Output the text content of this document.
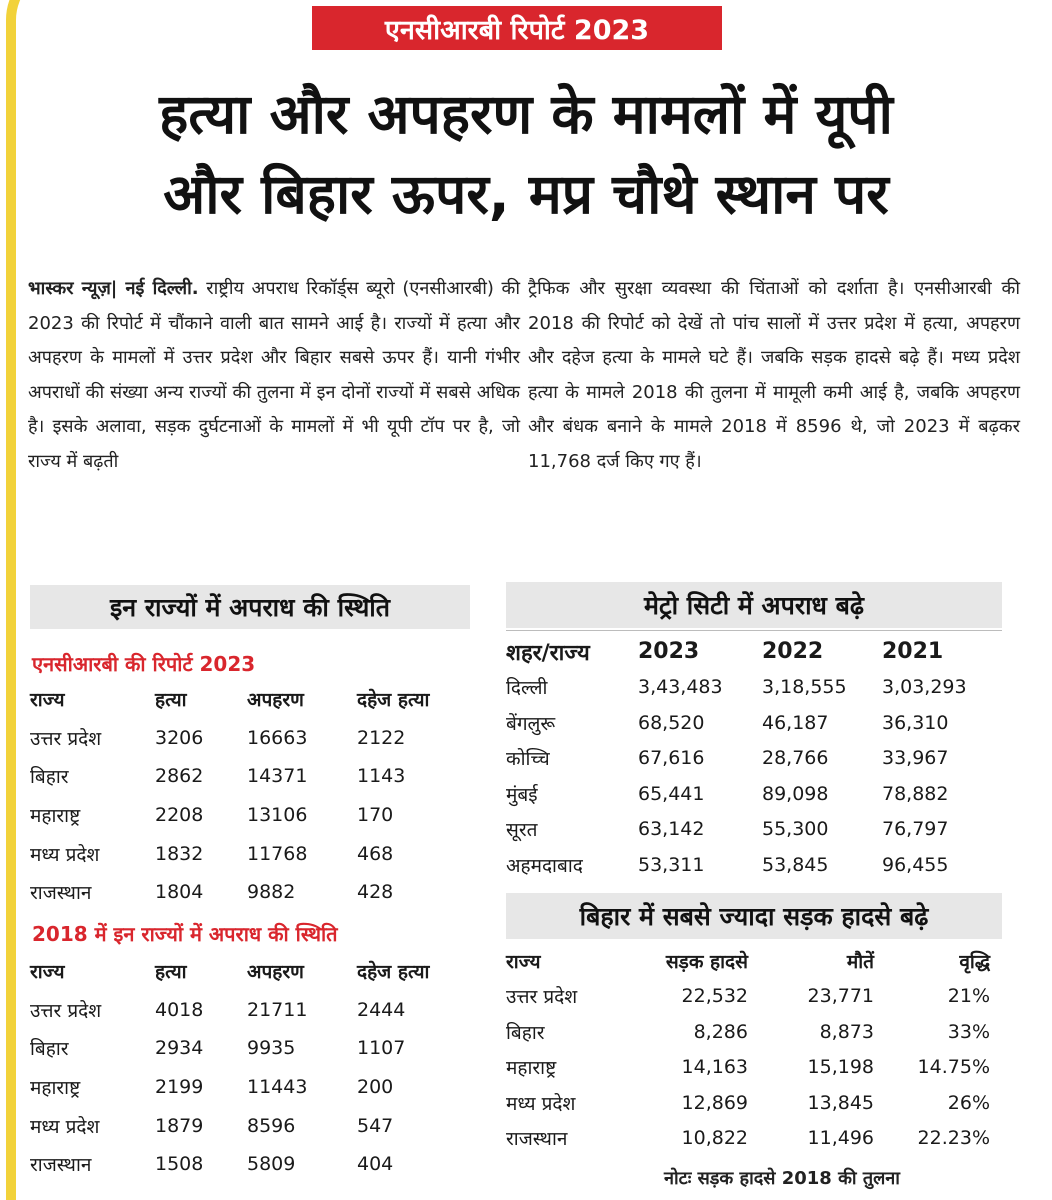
एनसीआरबी रिपोर्ट 2023
हत्या और अपहरण के मामलों में यूपी
और बिहार ऊपर, मप्र चौथे स्थान पर
भास्कर न्यूज़| नई दिल्ली. राष्ट्रीय अपराध रिकॉर्ड्स ब्यूरो (एनसीआरबी) की 2023 की रिपोर्ट में चौंकाने वाली बात सामने आई है। राज्यों में हत्या और अपहरण के मामलों में उत्तर प्रदेश और बिहार सबसे ऊपर हैं। यानी गंभीर अपराधों की संख्या अन्य राज्यों की तुलना में इन दोनों राज्यों में सबसे अधिक है। इसके अलावा, सड़क दुर्घटनाओं के मामलों में भी यूपी टॉप पर है, जो राज्य में बढ़ती
ट्रैफिक और सुरक्षा व्यवस्था की चिंताओं को दर्शाता है। एनसीआरबी की 2018 की रिपोर्ट को देखें तो पांच सालों में उत्तर प्रदेश में हत्या, अपहरण और दहेज हत्या के मामले घटे हैं। जबकि सड़क हादसे बढ़े हैं। मध्य प्रदेश हत्या के मामले 2018 की तुलना में मामूली कमी आई है, जबकि अपहरण और बंधक बनाने के मामले 2018 में 8596 थे, जो 2023 में बढ़कर 11,768 दर्ज किए गए हैं।
इन राज्यों में अपराध की स्थिति
एनसीआरबी की रिपोर्ट 2023
राज्य	हत्या	अपहरण	दहेज हत्या
उत्तर प्रदेश	3206	16663	2122
बिहार	2862	14371	1143
महाराष्ट्र	2208	13106	170
मध्य प्रदेश	1832	11768	468
राजस्थान	1804	9882	428
2018 में इन राज्यों में अपराध की स्थिति
राज्य	हत्या	अपहरण	दहेज हत्या
उत्तर प्रदेश	4018	21711	2444
बिहार	2934	9935	1107
महाराष्ट्र	2199	11443	200
मध्य प्रदेश	1879	8596	547
राजस्थान	1508	5809	404
मेट्रो सिटी में अपराध बढ़े
शहर/राज्य	2023	2022	2021
दिल्ली	3,43,483	3,18,555	3,03,293
बेंगलुरू	68,520	46,187	36,310
कोच्चि	67,616	28,766	33,967
मुंबई	65,441	89,098	78,882
सूरत	63,142	55,300	76,797
अहमदाबाद	53,311	53,845	96,455
बिहार में सबसे ज्यादा सड़क हादसे बढ़े
राज्य	सड़क हादसे	मौतें	वृद्धि
उत्तर प्रदेश	22,532	23,771	21%
बिहार	8,286	8,873	33%
महाराष्ट्र	14,163	15,198	14.75%
मध्य प्रदेश	12,869	13,845	26%
राजस्थान	10,822	11,496	22.23%
नोटः सड़क हादसे 2018 की तुलना
